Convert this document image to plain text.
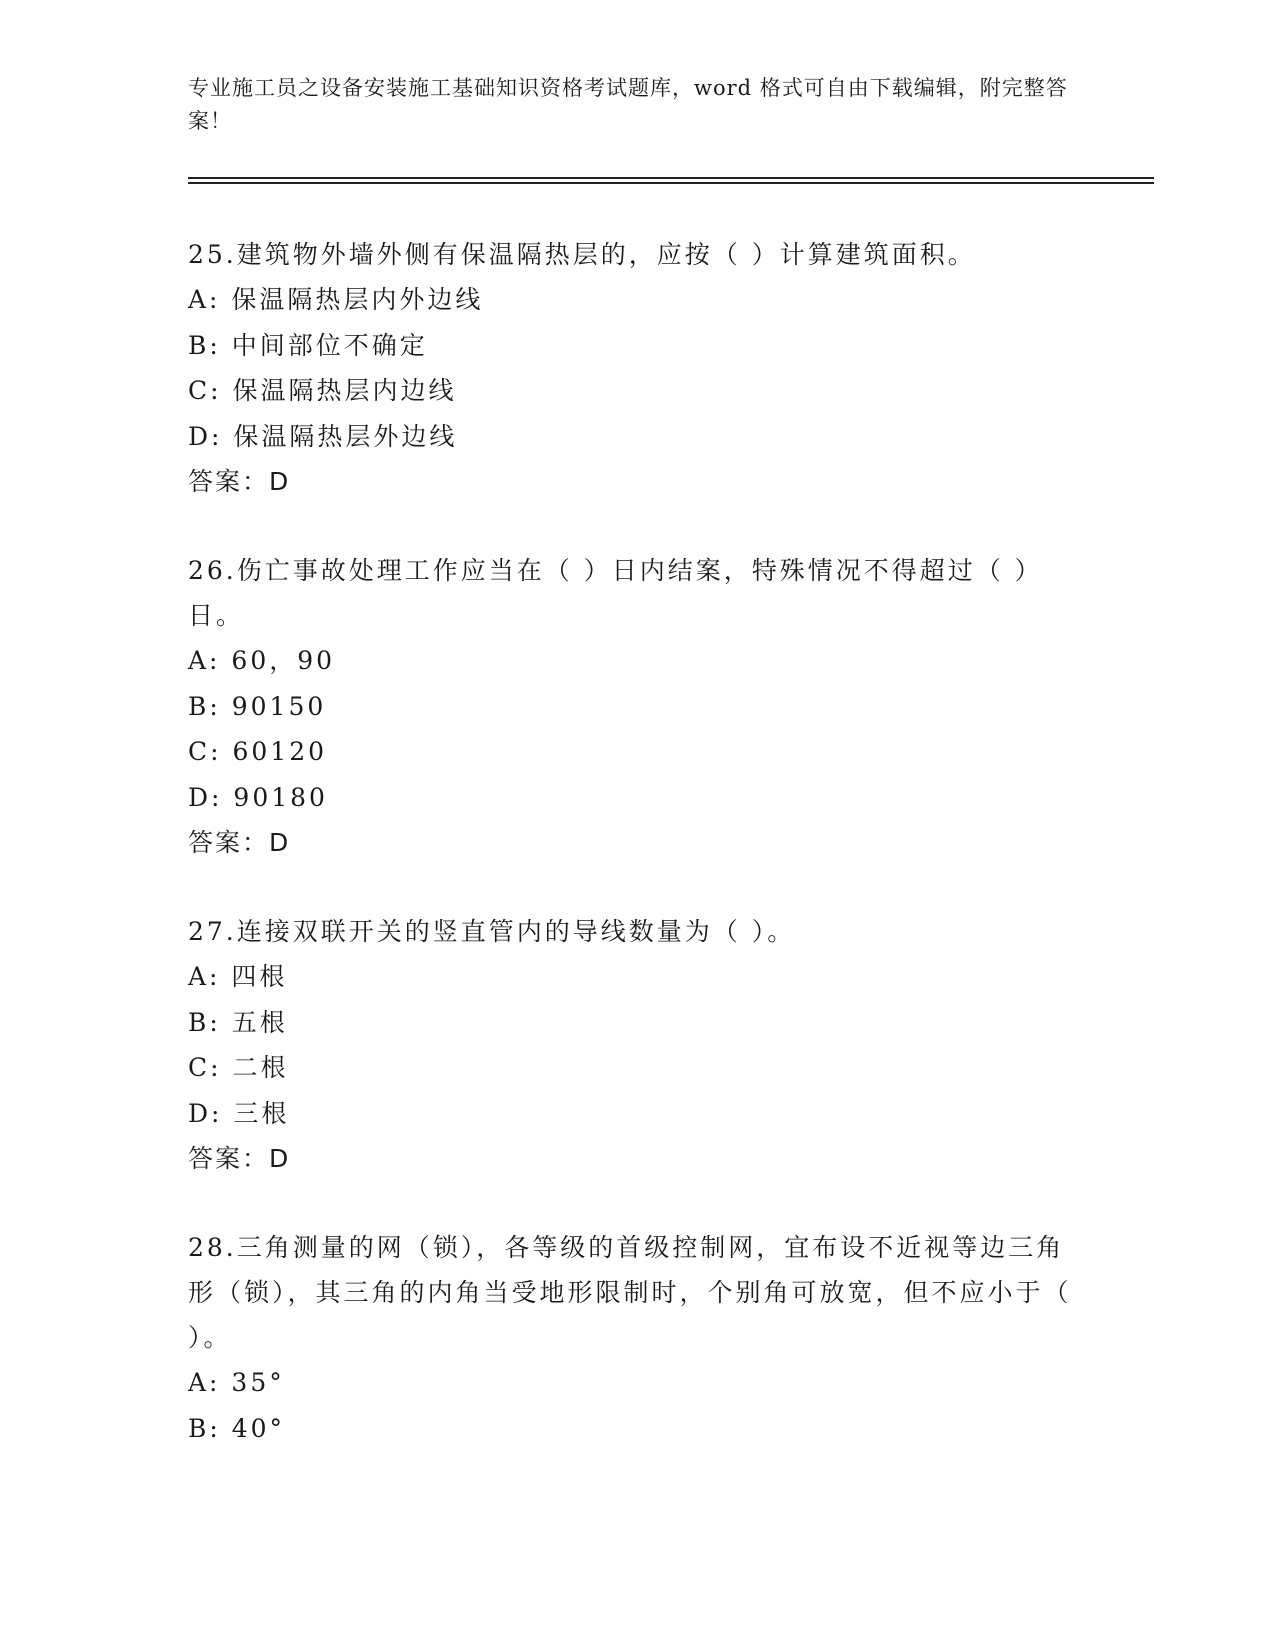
专业施工员之设备安装施工基础知识资格考试题库，word 格式可自由下载编辑，附完整答案！
25.建筑物外墙外侧有保温隔热层的，应按（ ）计算建筑面积。
A: 保温隔热层内外边线
B: 中间部位不确定
C: 保温隔热层内边线
D: 保温隔热层外边线
答案：D
26.伤亡事故处理工作应当在（ ）日内结案，特殊情况不得超过（ ）日。
A: 60，90
B: 90150
C: 60120
D: 90180
答案：D
27.连接双联开关的竖直管内的导线数量为（ ）。
A: 四根
B: 五根
C: 二根
D: 三根
答案：D
28.三角测量的网（锁），各等级的首级控制网，宜布设不近视等边三角形（锁），其三角的内角当受地形限制时，个别角可放宽，但不应小于（ ）。
A: 35°
B: 40°
